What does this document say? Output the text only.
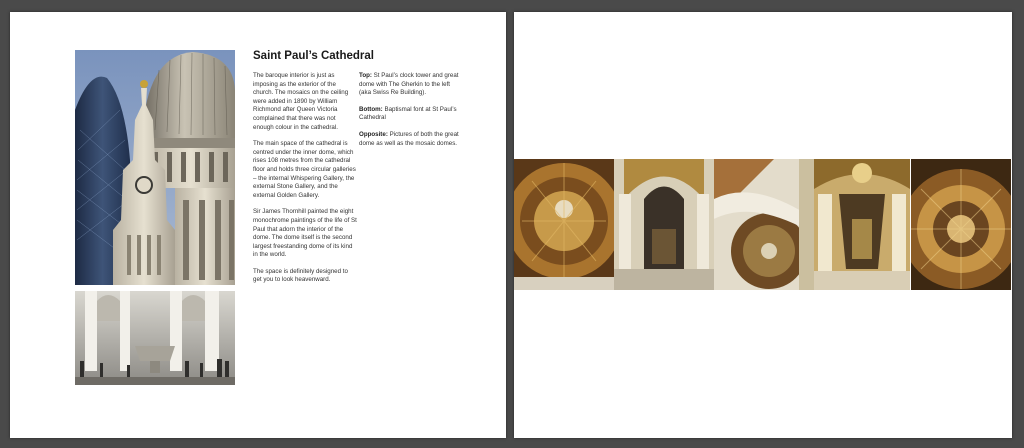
Saint Paul’s Cathedral

The baroque interior is just as imposing as the exterior of the church. The mosaics on the ceiling were added in 1890 by William Richmond after Queen Victoria complained that there was not enough colour in the cathedral.

The main space of the cathedral is centred under the inner dome, which rises 108 metres from the cathedral floor and holds three circular galleries – the internal Whispering Gallery, the external Stone Gallery, and the external Golden Gallery.

Sir James Thornhill painted the eight monochrome paintings of the life of St Paul that adorn the interior of the dome. The dome itself is the second largest freestanding dome of its kind in the world.

The space is definitely designed to get you to look heavenward.

Top: St Paul’s clock tower and great dome with The Gherkin to the left (aka Swiss Re Building).

Bottom: Baptismal font at St Paul’s Cathedral

Opposite: Pictures of both the great dome as well as the mosaic domes.
